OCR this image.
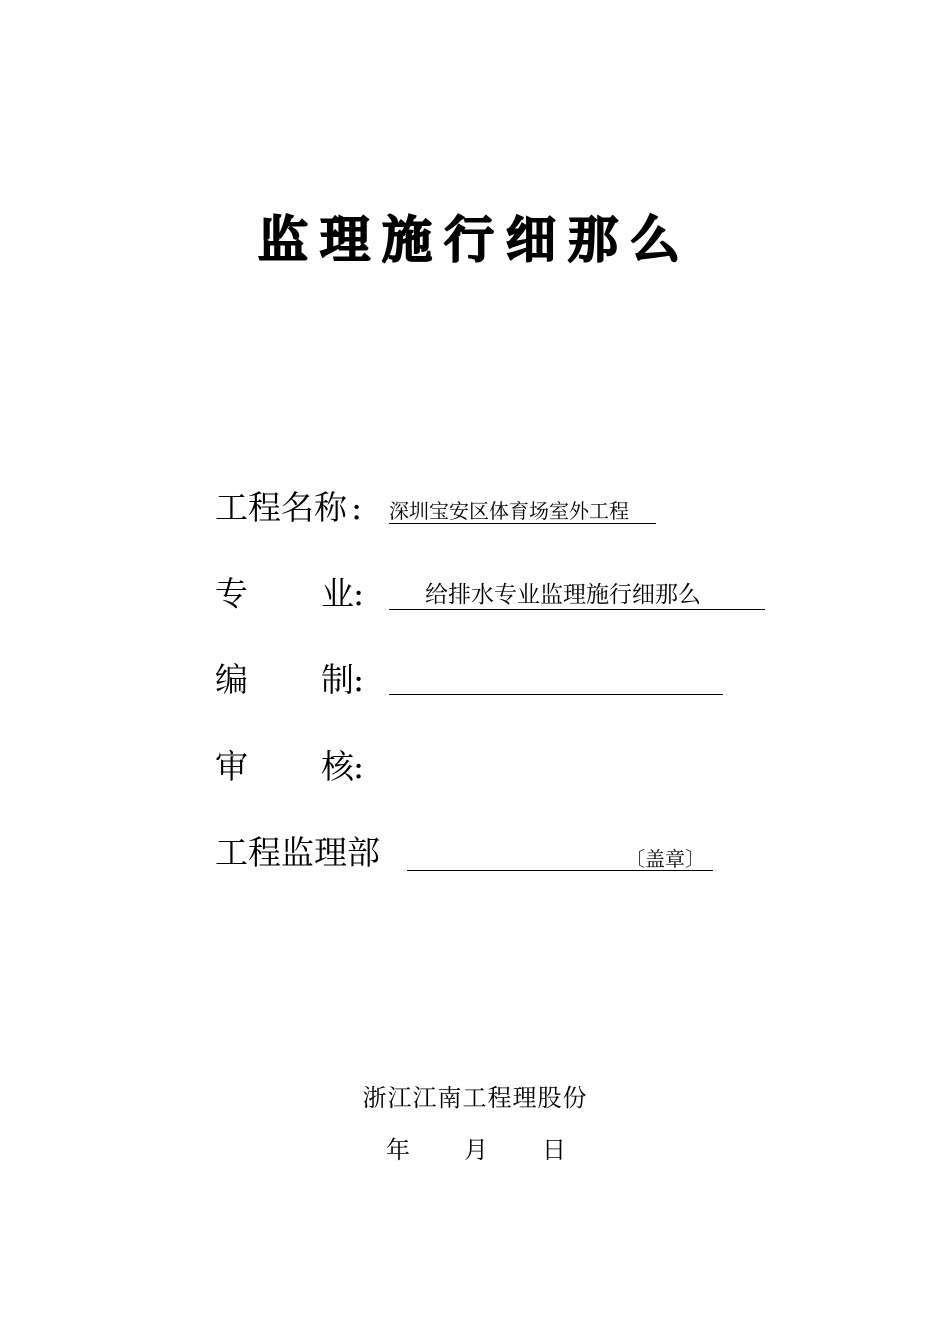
监理施行细那么
工程名称 : 深圳宝安区体育场室外工程
专 业 :	给排水专业监理施行细那么
编 制 :
审 核 :
工程监理部	〔盖章〕
浙江江南工程理股份
年 月 日
